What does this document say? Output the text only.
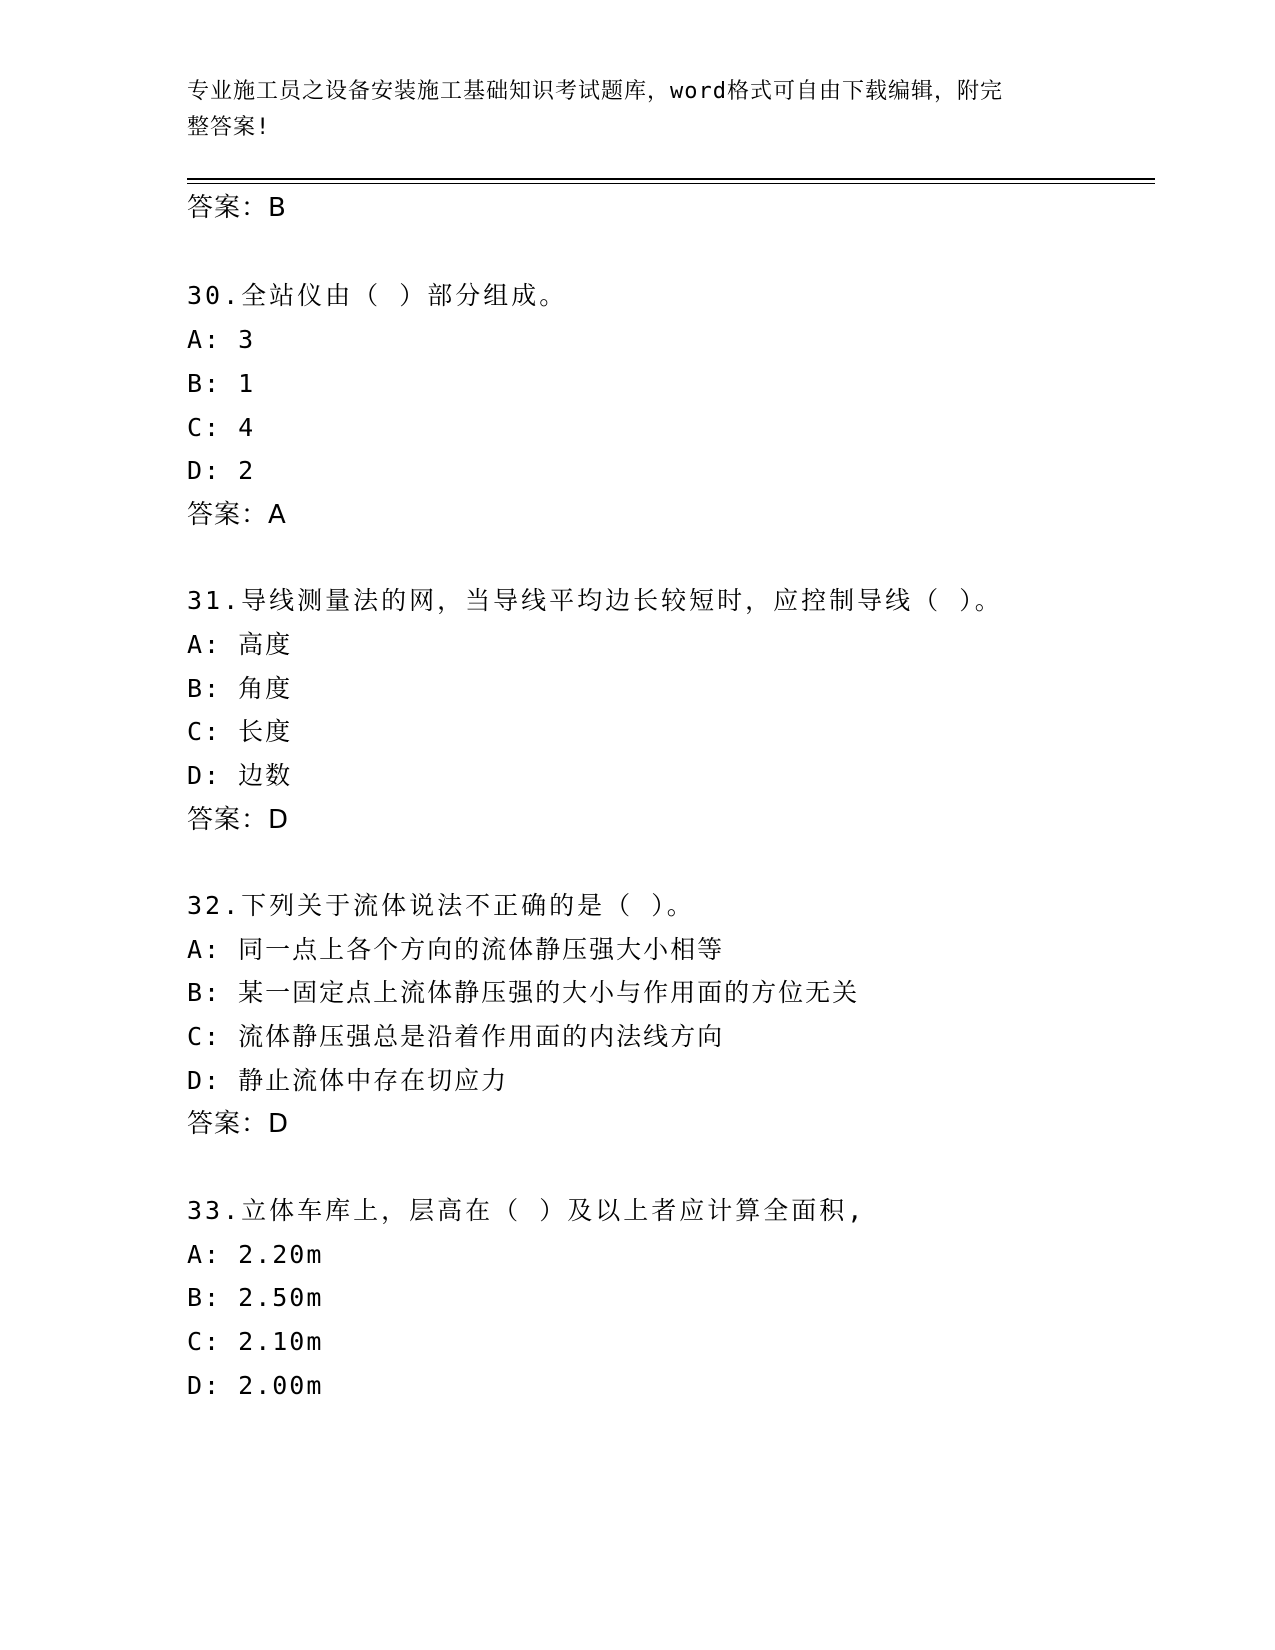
专业施工员之设备安装施工基础知识考试题库，word格式可自由下载编辑，附完
整答案!
答案：B
30.全站仪由（ ）部分组成。
A: 3
B: 1
C: 4
D: 2
答案：A
31.导线测量法的网，当导线平均边长较短时，应控制导线（ ）。
A: 高度
B: 角度
C: 长度
D: 边数
答案：D
32.下列关于流体说法不正确的是（ ）。
A: 同一点上各个方向的流体静压强大小相等
B: 某一固定点上流体静压强的大小与作用面的方位无关
C: 流体静压强总是沿着作用面的内法线方向
D: 静止流体中存在切应力
答案：D
33.立体车库上，层高在（ ）及以上者应计算全面积,
A: 2.20m
B: 2.50m
C: 2.10m
D: 2.00m
